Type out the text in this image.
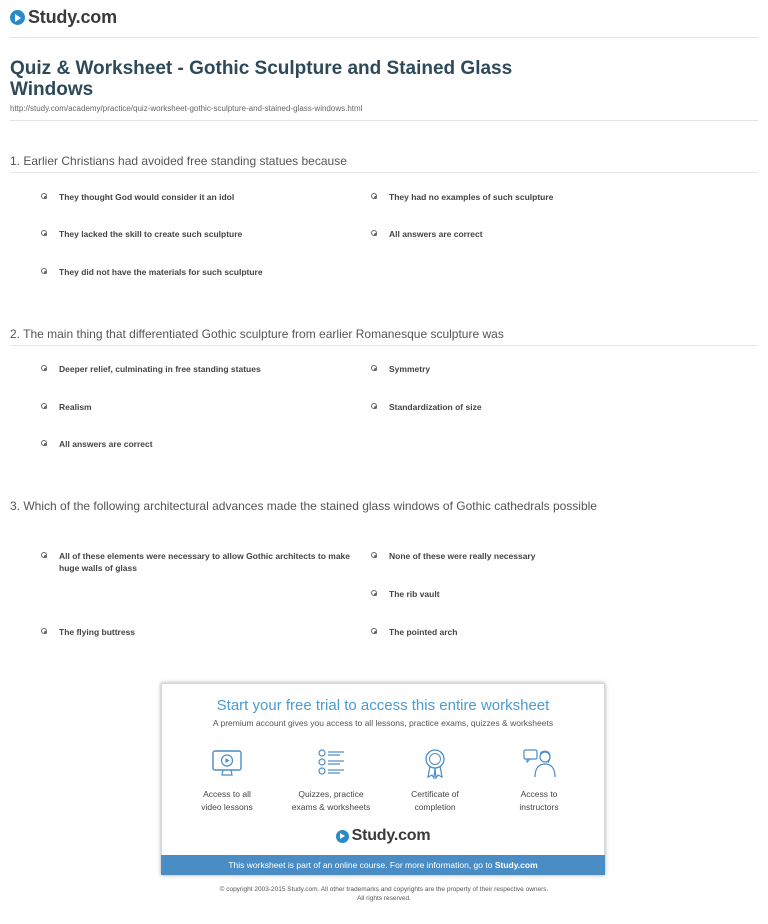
Study.com
Quiz & Worksheet - Gothic Sculpture and Stained Glass Windows
http://study.com/academy/practice/quiz-worksheet-gothic-sculpture-and-stained-glass-windows.html
1. Earlier Christians had avoided free standing statues because
They thought God would consider it an idol	They had no examples of such sculpture
They lacked the skill to create such sculpture	All answers are correct
They did not have the materials for such sculpture
2. The main thing that differentiated Gothic sculpture from earlier Romanesque sculpture was
Deeper relief, culminating in free standing statues	Symmetry
Realism	Standardization of size
All answers are correct
3. Which of the following architectural advances made the stained glass windows of Gothic cathedrals possible
All of these elements were necessary to allow Gothic architects to make huge walls of glass
None of these were really necessary
The rib vault
The flying buttress	The pointed arch
Start your free trial to access this entire worksheet
A premium account gives you access to all lessons, practice exams, quizzes & worksheets
Access to all
video lessons
Quizzes, practice
exams & worksheets
Certificate of
completion
Access to
instructors
Study.com
This worksheet is part of an online course. For more information, go to Study.com
© copyright 2003-2015 Study.com. All other trademarks and copyrights are the property of their respective owners.
All rights reserved.
